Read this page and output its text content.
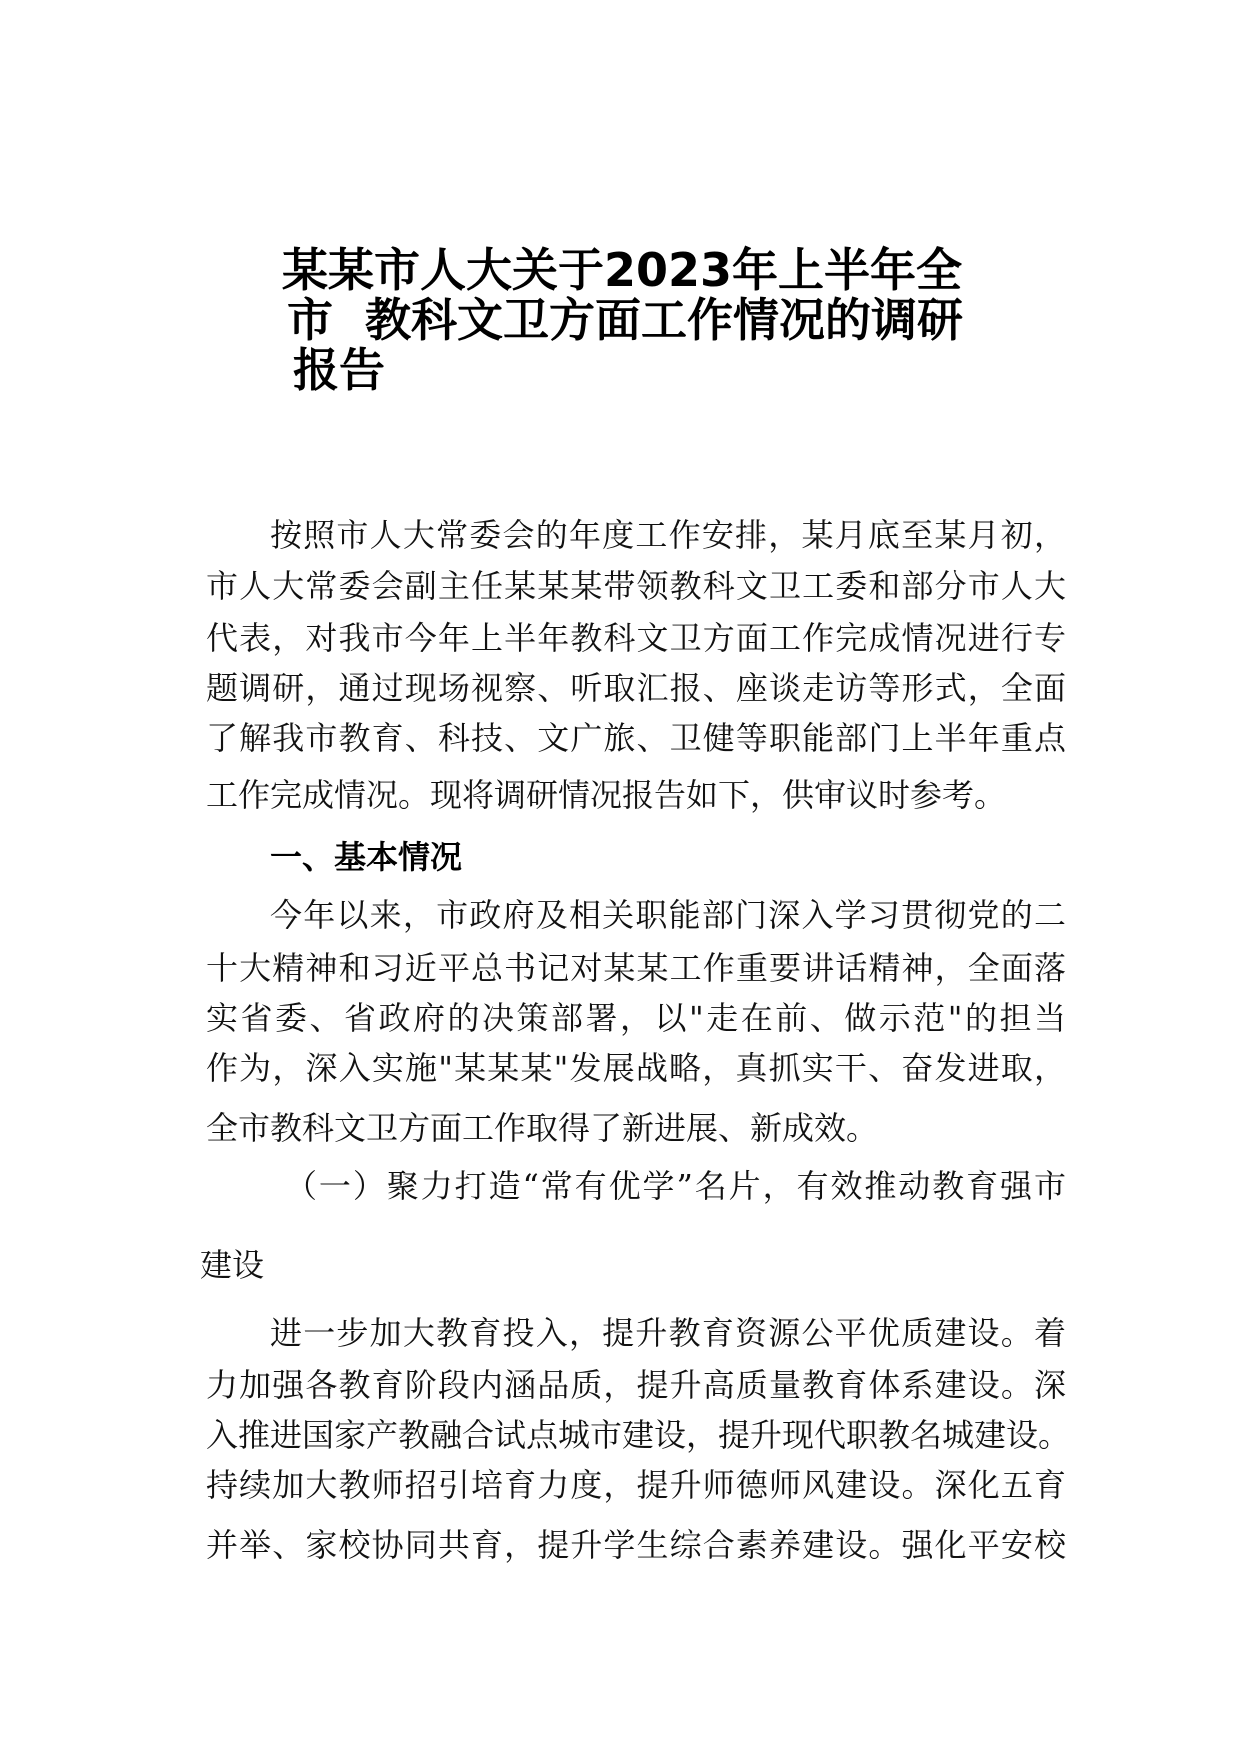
某某市人大关于2023年上半年全
市  教科文卫方面工作情况的调研
报告
按照市人大常委会的年度工作安排，某月底至某月初，
市人大常委会副主任某某某带领教科文卫工委和部分市人大
代表，对我市今年上半年教科文卫方面工作完成情况进行专
题调研，通过现场视察、听取汇报、座谈走访等形式，全面
了解我市教育、科技、文广旅、卫健等职能部门上半年重点
工作完成情况。现将调研情况报告如下，供审议时参考。
一、基本情况
今年以来，市政府及相关职能部门深入学习贯彻党的二
十大精神和习近平总书记对某某工作重要讲话精神，全面落
实省委、省政府的决策部署，以"走在前、做示范"的担当
作为，深入实施"某某某"发展战略，真抓实干、奋发进取，
全市教科文卫方面工作取得了新进展、新成效。
（一）聚力打造“常有优学”名片，有效推动教育强市
建设
进一步加大教育投入，提升教育资源公平优质建设。着
力加强各教育阶段内涵品质，提升高质量教育体系建设。深
入推进国家产教融合试点城市建设，提升现代职教名城建设。
持续加大教师招引培育力度，提升师德师风建设。深化五育
并举、家校协同共育，提升学生综合素养建设。强化平安校
